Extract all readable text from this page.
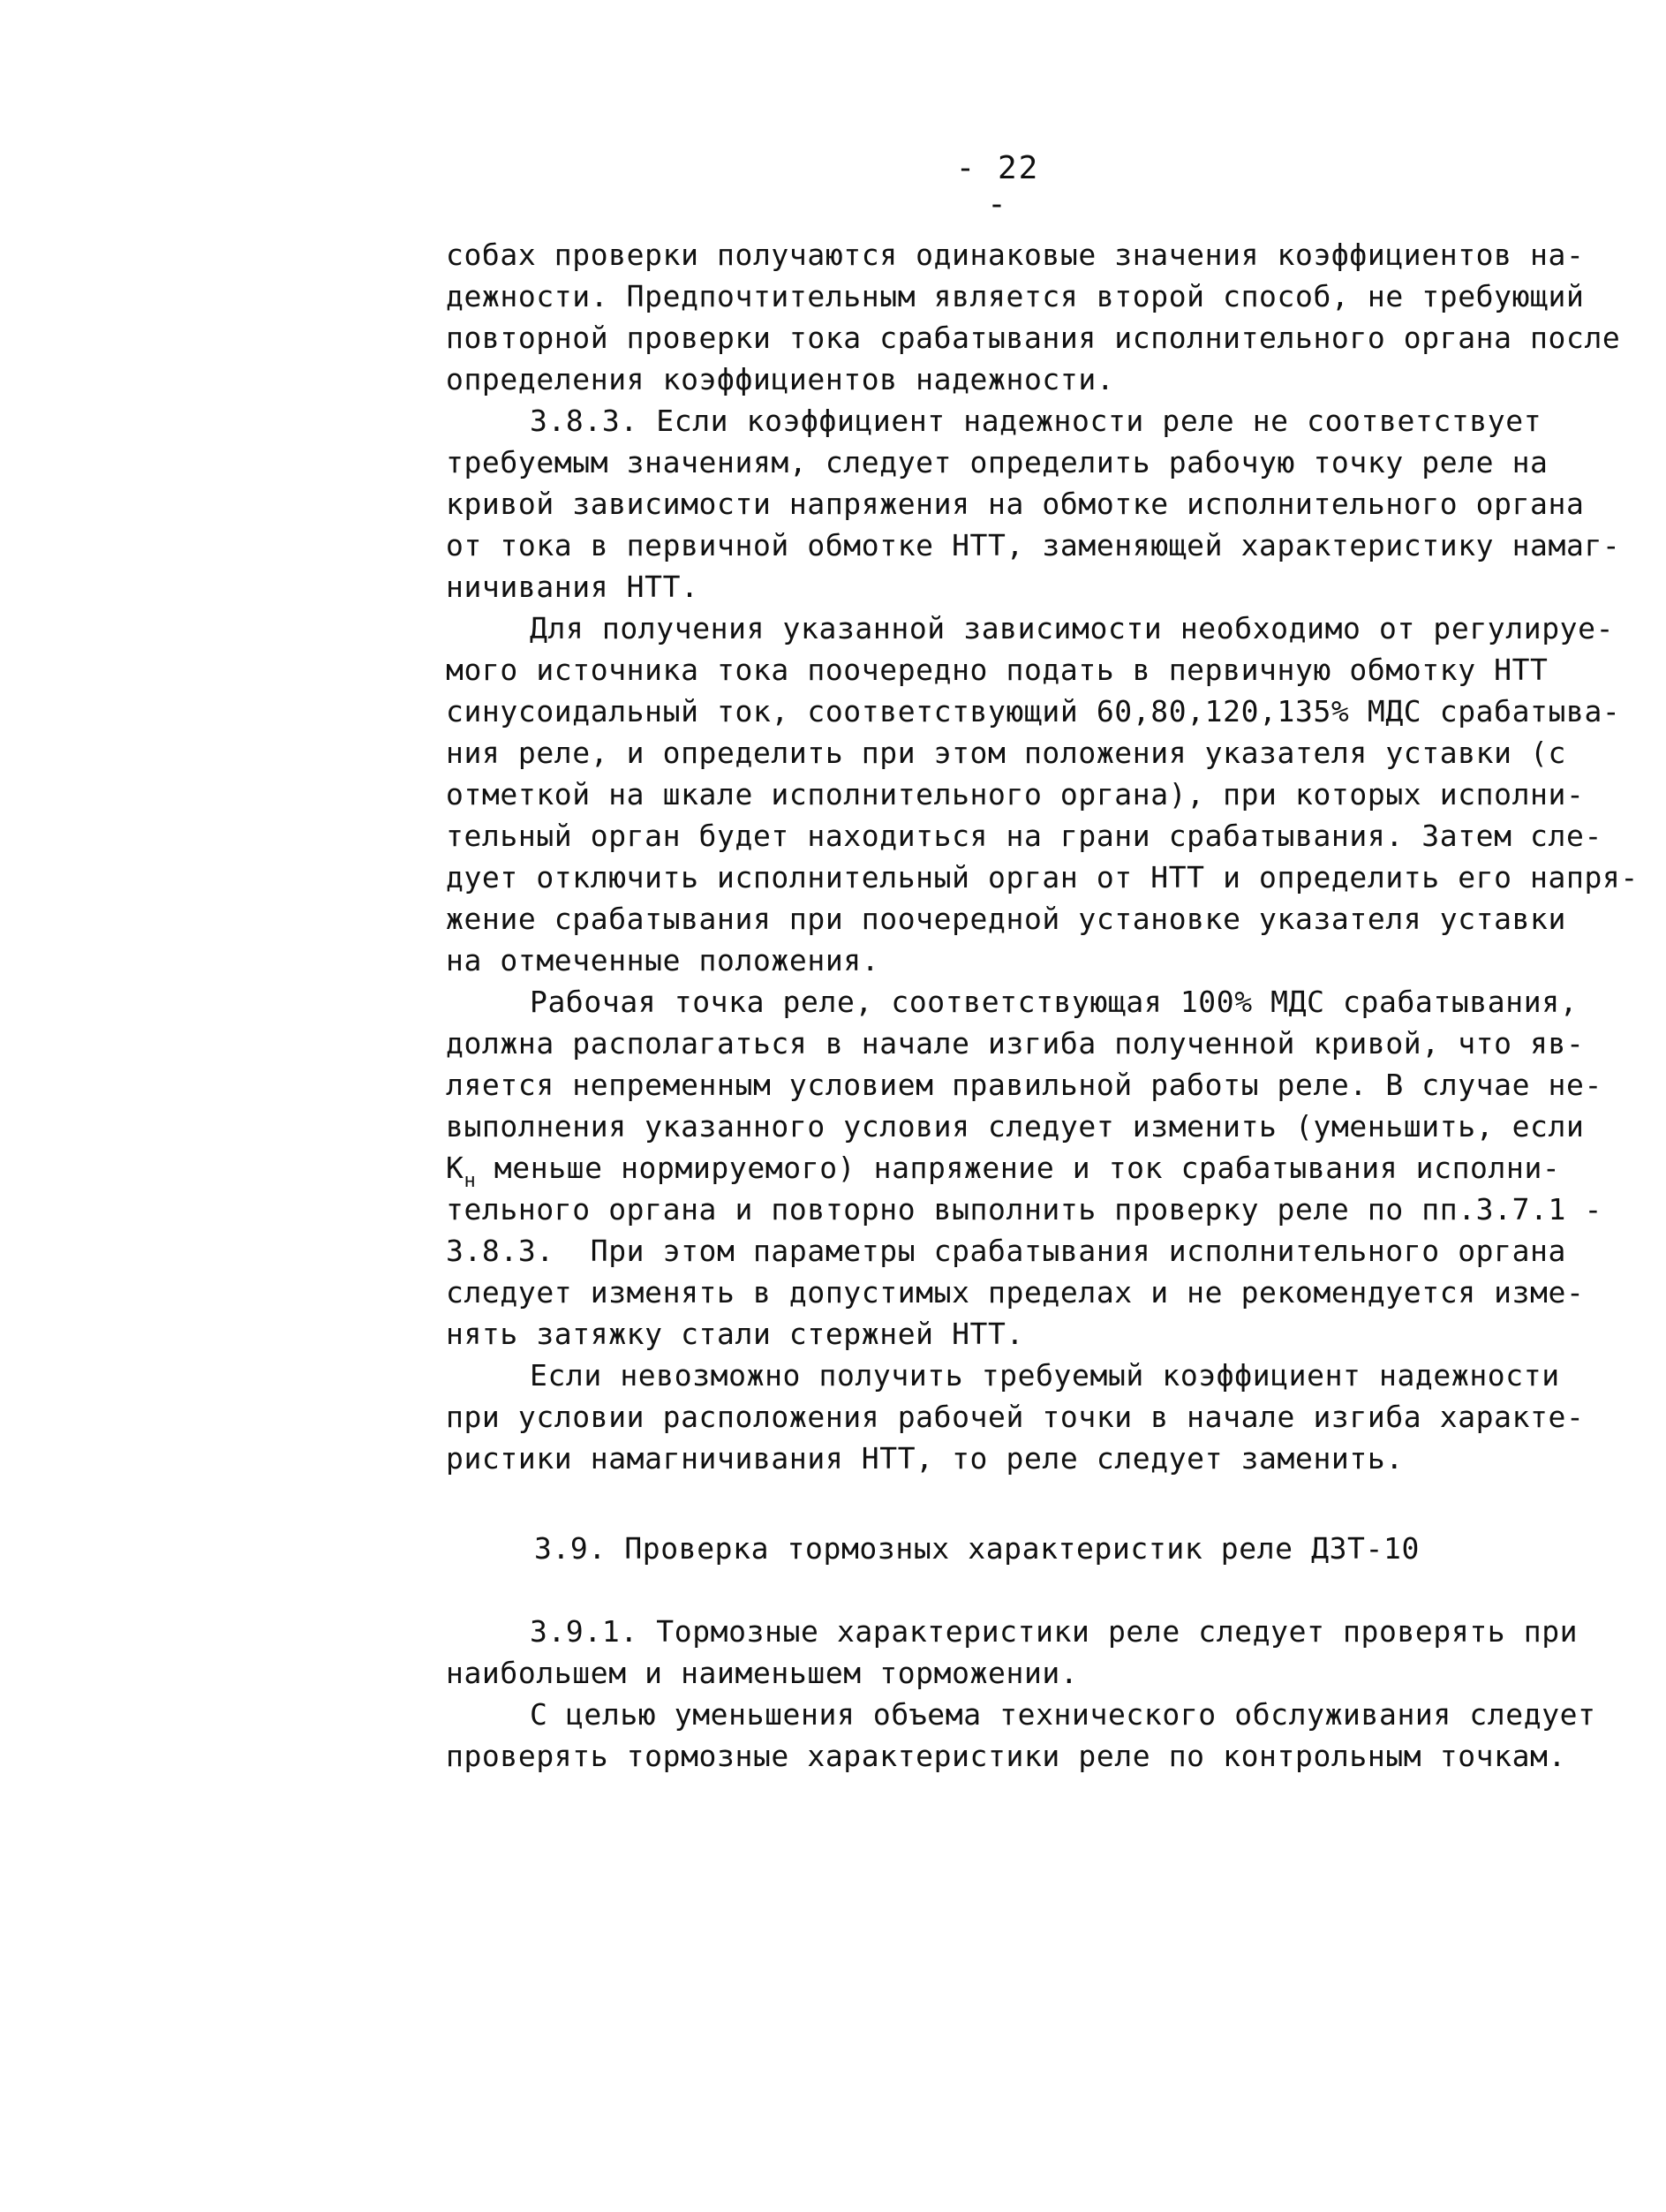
- 22 -
собах проверки получаются одинаковые значения коэффициентов на-
дежности. Предпочтительным является второй способ, не требующий
повторной проверки тока срабатывания исполнительного органа после
определения коэффициентов надежности.
3.8.3. Если коэффициент надежности реле не соответствует
требуемым значениям, следует определить рабочую точку реле на
кривой зависимости напряжения на обмотке исполнительного органа
от тока в первичной обмотке НТТ, заменяющей характеристику намаг-
ничивания НТТ.
Для получения указанной зависимости необходимо от регулируе-
мого источника тока поочередно подать в первичную обмотку НТТ
синусоидальный ток, соответствующий 60,80,120,135% МДС срабатыва-
ния реле, и определить при этом положения указателя уставки (с
отметкой на шкале исполнительного органа), при которых исполни-
тельный орган будет находиться на грани срабатывания. Затем сле-
дует отключить исполнительный орган от НТТ и определить его напря-
жение срабатывания при поочередной установке указателя уставки
на отмеченные положения.
Рабочая точка реле, соответствующая 100% МДС срабатывания,
должна располагаться в начале изгиба полученной кривой, что яв-
ляется непременным условием правильной работы реле. В случае не-
выполнения указанного условия следует изменить (уменьшить, если
$К_н$ меньше нормируемого) напряжение и ток срабатывания исполни-
тельного органа и повторно выполнить проверку реле по пп.3.7.1 -
3.8.3.  При этом параметры срабатывания исполнительного органа
следует изменять в допустимых пределах и не рекомендуется изме-
нять затяжку стали стержней НТТ.
Если невозможно получить требуемый коэффициент надежности
при условии расположения рабочей точки в начале изгиба характе-
ристики намагничивания НТТ, то реле следует заменить.
3.9. Проверка тормозных характеристик реле ДЗТ-10
3.9.1. Тормозные характеристики реле следует проверять при
наибольшем и наименьшем торможении.
С целью уменьшения объема технического обслуживания следует
проверять тормозные характеристики реле по контрольным точкам.
